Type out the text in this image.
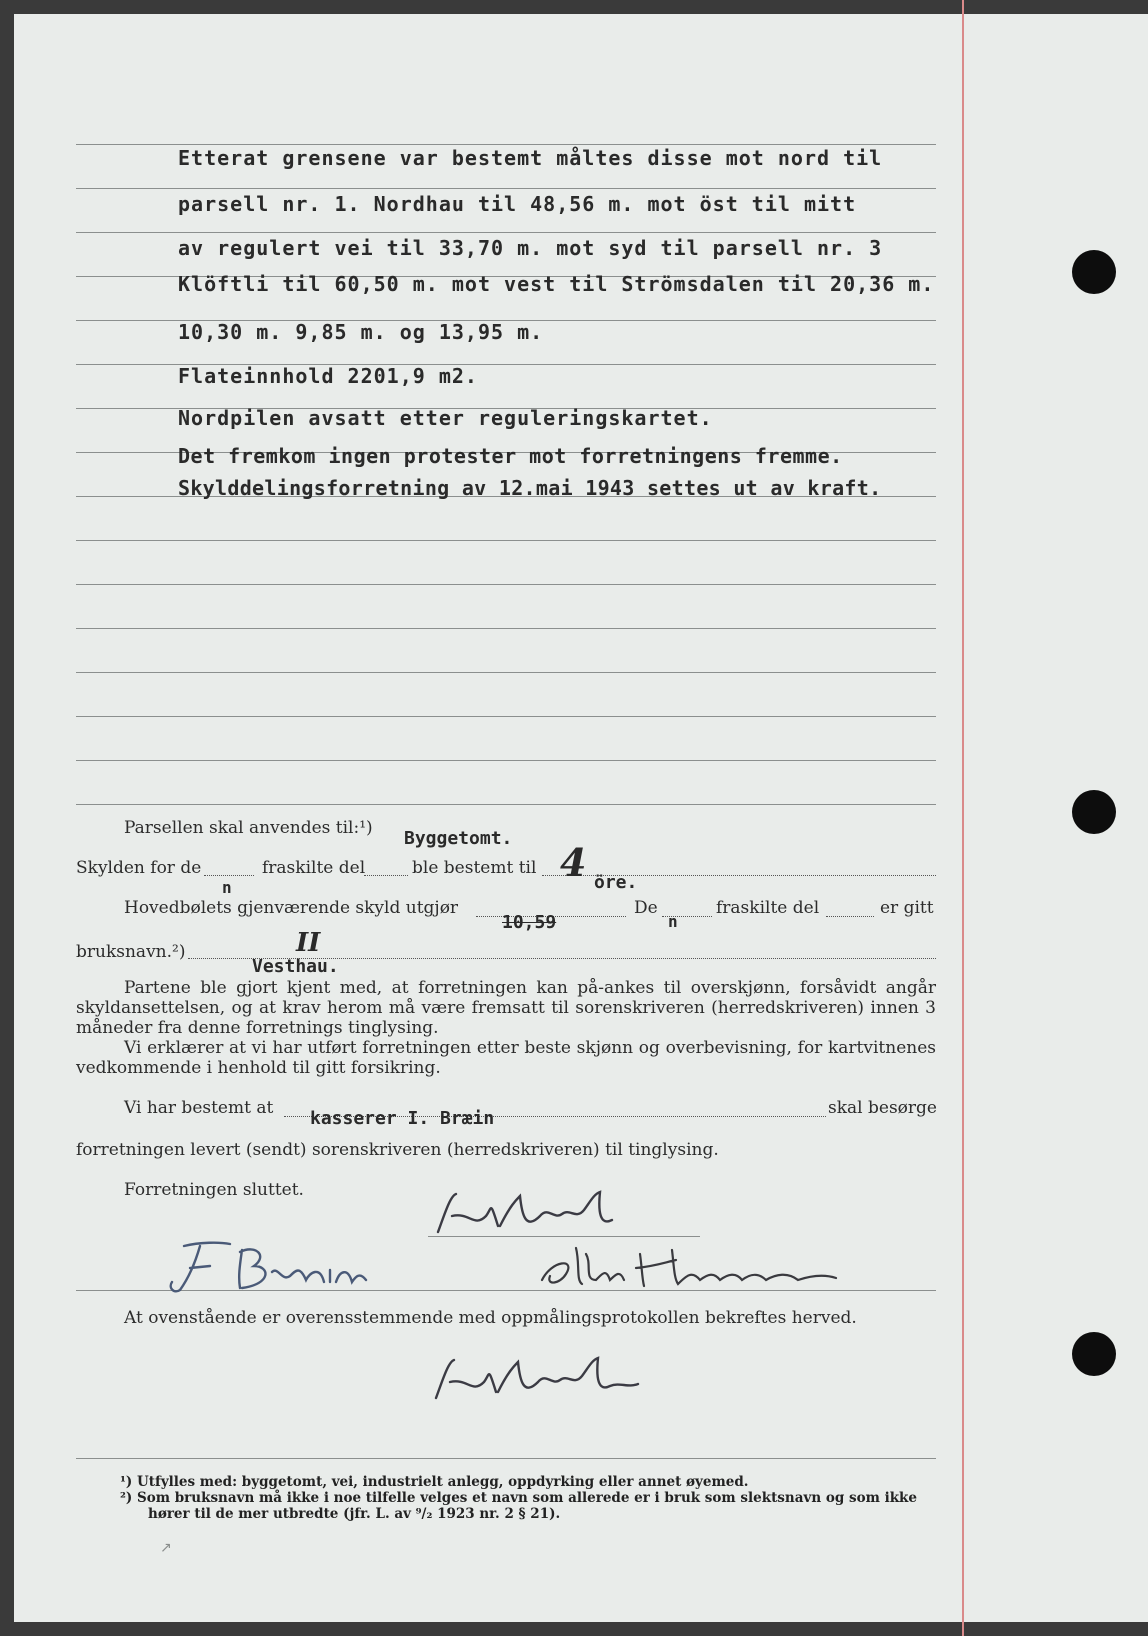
Etterat grensene var bestemt måltes disse mot nord til
parsell nr. 1. Nordhau til 48,56 m. mot öst til mitt
av regulert vei til 33,70 m. mot syd til parsell nr. 3
Klöftli til 60,50 m. mot vest til Strömsdalen til 20,36 m.
10,30 m. 9,85 m. og 13,95 m.
Flateinnhold 2201,9 m2.
Nordpilen avsatt etter reguleringskartet.
Det fremkom ingen protester mot forretningens fremme.
Skylddelingsforretning av 12.mai 1943 settes ut av kraft.
Parsellen skal anvendes til:¹) Byggetomt.
Skylden for de
n
fraskilte del	ble bestemt til 4 öre.
Hovedbølets gjenværende skyld utgjør
10,59
De
n
fraskilte del	er gitt
bruksnavn.²)	II
Vesthau.

Partene ble gjort kjent med, at forretningen kan på-ankes til overskjønn, forsåvidt angår skyldansettelsen, og at krav herom må være fremsatt til sorenskriveren (herredskriveren) innen 3 måneder fra denne forretnings tinglysing.

Vi erklærer at vi har utført forretningen etter beste skjønn og overbevisning, for kartvitnenes vedkommende i henhold til gitt forsikring.

Vi har bestemt at kasserer I. Bræin	skal besørge
forretningen levert (sendt) sorenskriveren (herredskriveren) til tinglysing.
Forretningen sluttet.
At ovenstående er overensstemmende med oppmålingsprotokollen bekreftes herved.
¹) Utfylles med: byggetomt, vei, industrielt anlegg, oppdyrking eller annet øyemed.
²) Som bruksnavn må ikke i noe tilfelle velges et navn som allerede er i bruk som slektsnavn og som ikke hører til de mer utbredte (jfr. L. av ⁹/₂ 1923 nr. 2 § 21).
↗
